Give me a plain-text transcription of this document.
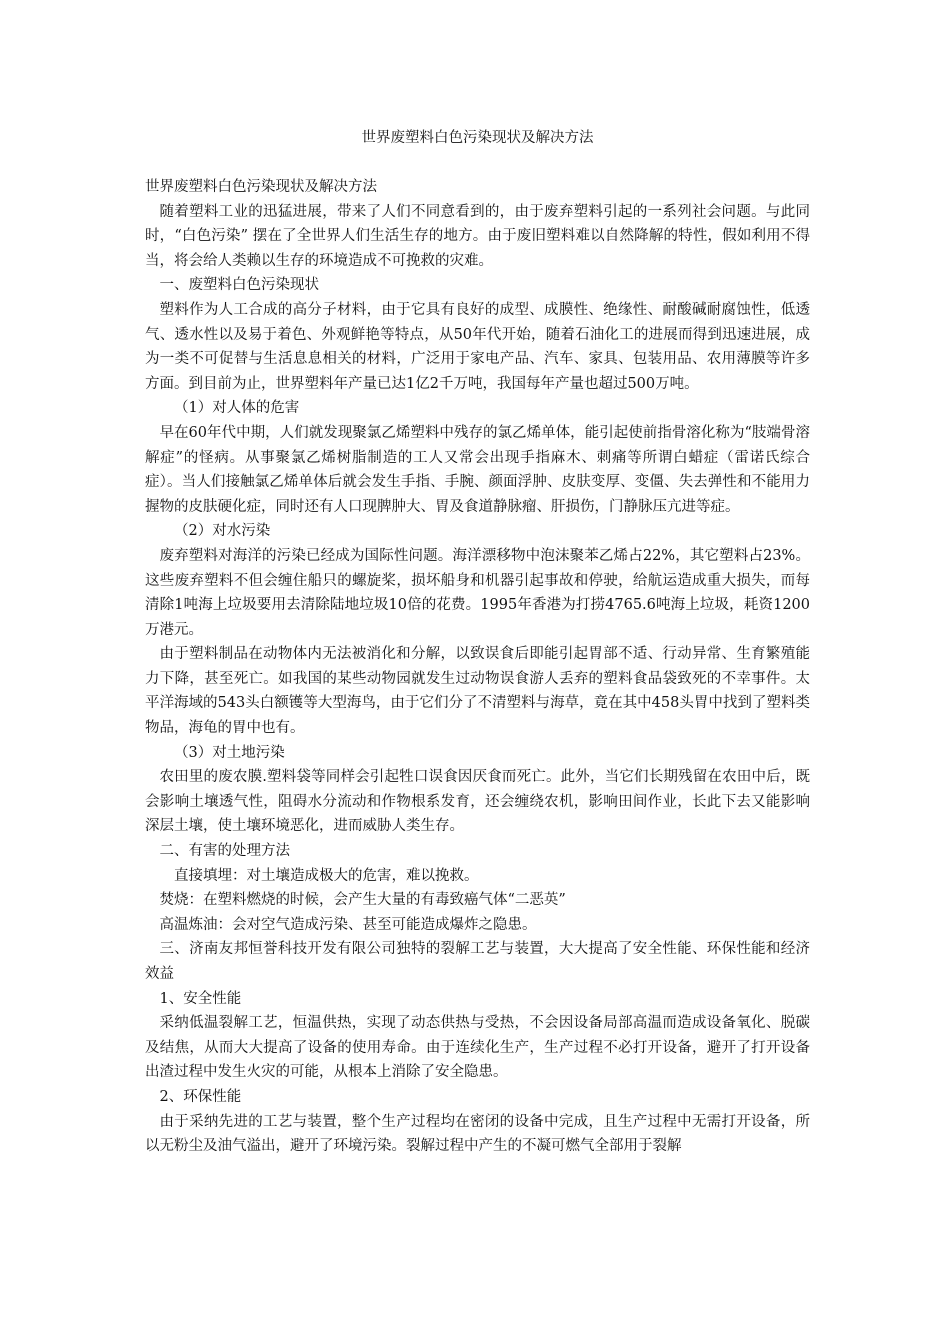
世界废塑料白色污染现状及解决方法

世界废塑料白色污染现状及解决方法

随着塑料工业的迅猛进展，带来了人们不同意看到的，由于废弃塑料引起的一系列社会问题。与此同时，“白色污染” 摆在了全世界人们生活生存的地方。由于废旧塑料难以自然降解的特性，假如利用不得当，将会给人类赖以生存的环境造成不可挽救的灾难。

一、废塑料白色污染现状

塑料作为人工合成的高分子材料，由于它具有良好的成型、成膜性、绝缘性、耐酸碱耐腐蚀性，低透气、透水性以及易于着色、外观鲜艳等特点，从50年代开始，随着石油化工的进展而得到迅速进展，成为一类不可促替与生活息息相关的材料，广泛用于家电产品、汽车、家具、包装用品、农用薄膜等许多方面。到目前为止，世界塑料年产量已达1亿2千万吨，我国每年产量也超过500万吨。

（1）对人体的危害

早在60年代中期，人们就发现聚氯乙烯塑料中残存的氯乙烯单体，能引起使前指骨溶化称为“肢端骨溶解症”的怪病。从事聚氯乙烯树脂制造的工人又常会出现手指麻木、刺痛等所谓白蜡症（雷诺氏综合症）。当人们接触氯乙烯单体后就会发生手指、手腕、颜面浮肿、皮肤变厚、变僵、失去弹性和不能用力握物的皮肤硬化症，同时还有人口现脾肿大、胃及食道静脉瘤、肝损伤，门静脉压亢进等症。

（2）对水污染

废弃塑料对海洋的污染已经成为国际性问题。海洋漂移物中泡沫聚苯乙烯占22%，其它塑料占23%。这些废弃塑料不但会缠住船只的螺旋桨，损坏船身和机器引起事故和停驶，给航运造成重大损失，而每清除1吨海上垃圾要用去清除陆地垃圾10倍的花费。1995年香港为打捞4765.6吨海上垃圾，耗资1200万港元。

由于塑料制品在动物体内无法被消化和分解，以致误食后即能引起胃部不适、行动异常、生育繁殖能力下降，甚至死亡。如我国的某些动物园就发生过动物误食游人丢弃的塑料食品袋致死的不幸事件。太平洋海域的543头白额镬等大型海鸟，由于它们分了不清塑料与海草，竟在其中458头胃中找到了塑料类物品，海龟的胃中也有。

（3）对土地污染

农田里的废农膜.塑料袋等同样会引起牲口误食因厌食而死亡。此外，当它们长期残留在农田中后，既会影响土壤透气性，阻碍水分流动和作物根系发育，还会缠绕农机，影响田间作业，长此下去又能影响深层土壤，使土壤环境恶化，进而威胁人类生存。

二、有害的处理方法

直接填埋：对土壤造成极大的危害，难以挽救。

焚烧：在塑料燃烧的时候，会产生大量的有毒致癌气体“二恶英”

高温炼油：会对空气造成污染、甚至可能造成爆炸之隐患。

三、济南友邦恒誉科技开发有限公司独特的裂解工艺与装置，大大提高了安全性能、环保性能和经济效益

1、安全性能

采纳低温裂解工艺，恒温供热，实现了动态供热与受热，不会因设备局部高温而造成设备氧化、脱碳及结焦，从而大大提高了设备的使用寿命。由于连续化生产，生产过程不必打开设备，避开了打开设备出渣过程中发生火灾的可能，从根本上消除了安全隐患。

2、环保性能

由于采纳先进的工艺与装置，整个生产过程均在密闭的设备中完成，且生产过程中无需打开设备，所以无粉尘及油气溢出，避开了环境污染。裂解过程中产生的不凝可燃气全部用于裂解
